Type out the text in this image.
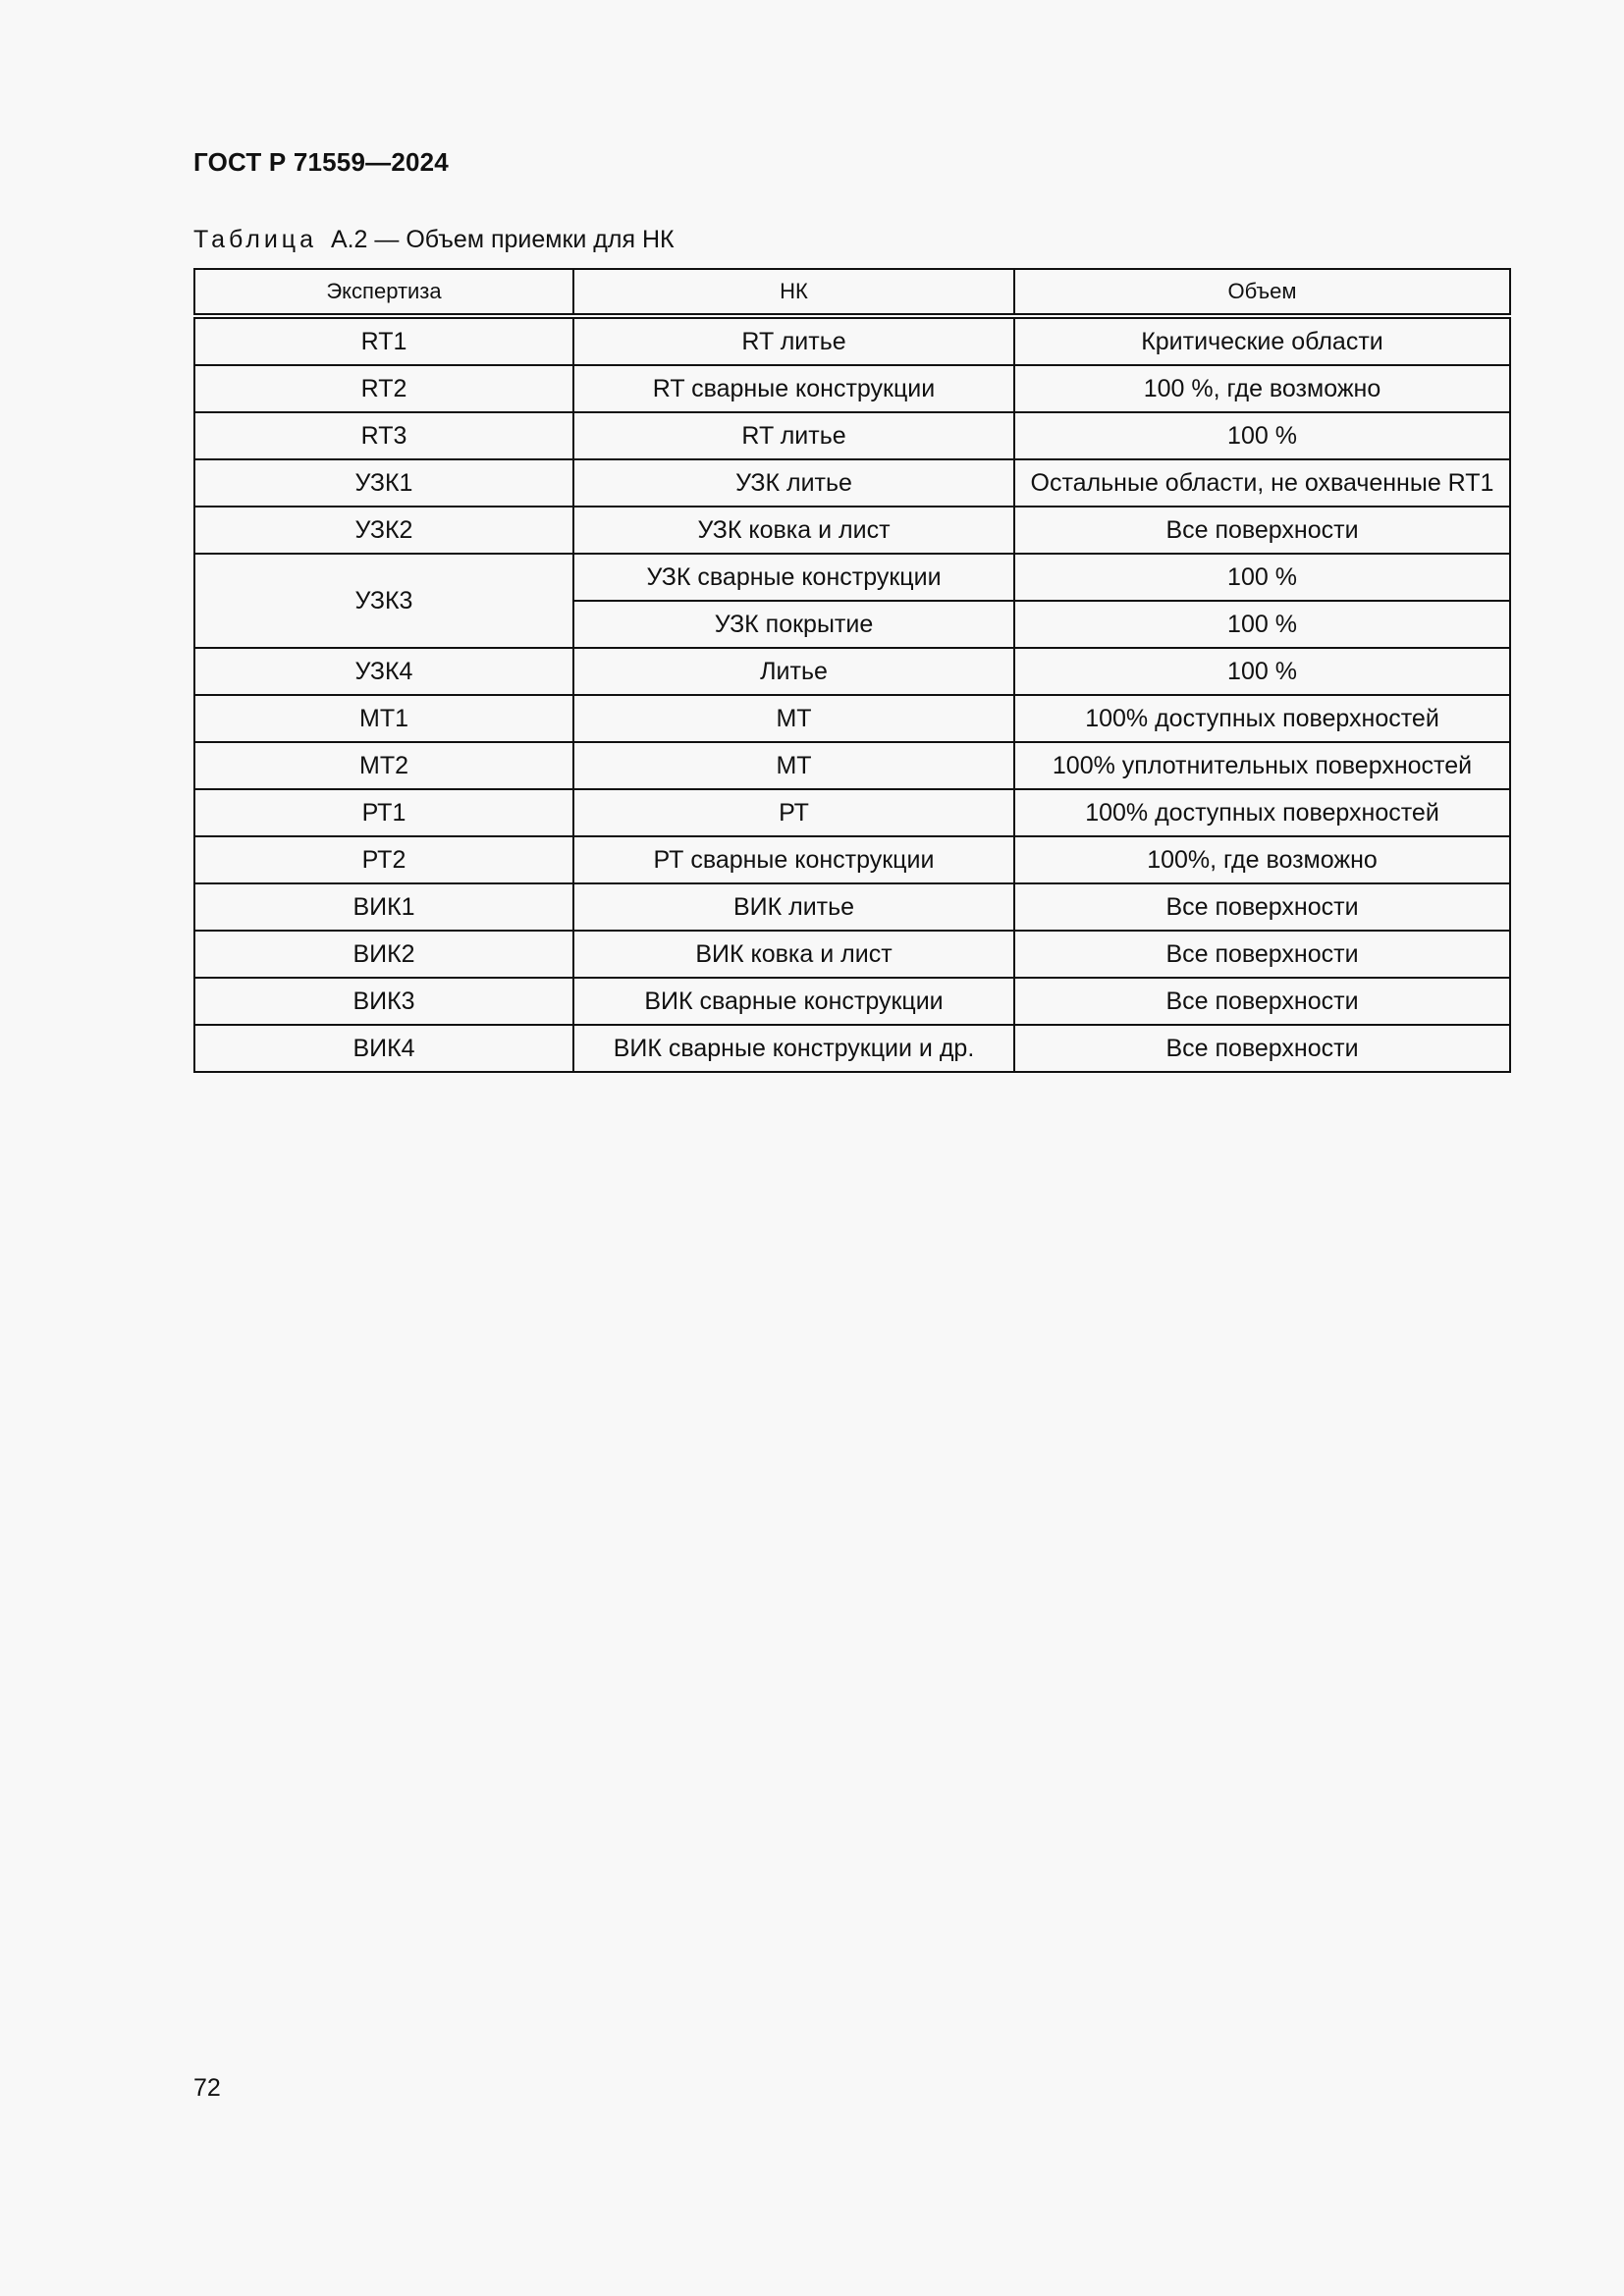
ГОСТ Р 71559—2024
Таблица А.2 — Объем приемки для НК
Экспертиза	НК	Объем
RT1	RT литье	Критические области
RT2	RT сварные конструкции	100 %, где возможно
RT3	RT литье	100 %
УЗК1	УЗК литье	Остальные области, не охваченные RT1
УЗК2	УЗК ковка и лист	Все поверхности
УЗК3	УЗК сварные конструкции	100 %
	УЗК покрытие	100 %
УЗК4	Литье	100 %
МТ1	МТ	100% доступных поверхностей
МТ2	МТ	100% уплотнительных поверхностей
РТ1	РТ	100% доступных поверхностей
РТ2	РТ сварные конструкции	100%, где возможно
ВИК1	ВИК литье	Все поверхности
ВИК2	ВИК ковка и лист	Все поверхности
ВИК3	ВИК сварные конструкции	Все поверхности
ВИК4	ВИК сварные конструкции и др.	Все поверхности
72
